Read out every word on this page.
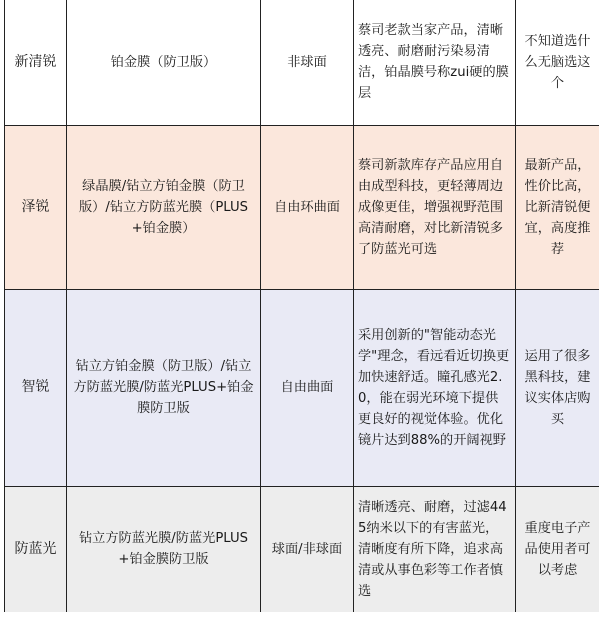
新清锐	铂金膜（防卫版）	非球面	蔡司老款当家产品，清晰透亮、耐磨耐污染易清洁，铂晶膜号称zui硬的膜层	不知道选什么无脑选这个

泽锐	绿晶膜/钻立方铂金膜（防卫版）/钻立方防蓝光膜（PLUS+铂金膜）	自由环曲面	蔡司新款库存产品应用自由成型科技，更轻薄周边成像更佳，增强视野范围高清耐磨，对比新清锐多了防蓝光可选	最新产品，性价比高，比新清锐便宜，高度推荐

智锐	钻立方铂金膜（防卫版）/钻立方防蓝光膜/防蓝光PLUS+铂金膜防卫版	自由曲面	采用创新的"智能动态光学"理念，看远看近切换更加快速舒适。瞳孔感光2.0，能在弱光环境下提供更良好的视觉体验。优化镜片达到88%的开阔视野	运用了很多黑科技，建议实体店购买

防蓝光	钻立方防蓝光膜/防蓝光PLUS+铂金膜防卫版	球面/非球面	清晰透亮、耐磨，过滤445纳米以下的有害蓝光，清晰度有所下降，追求高清或从事色彩等工作者慎选	重度电子产品使用者可以考虑
